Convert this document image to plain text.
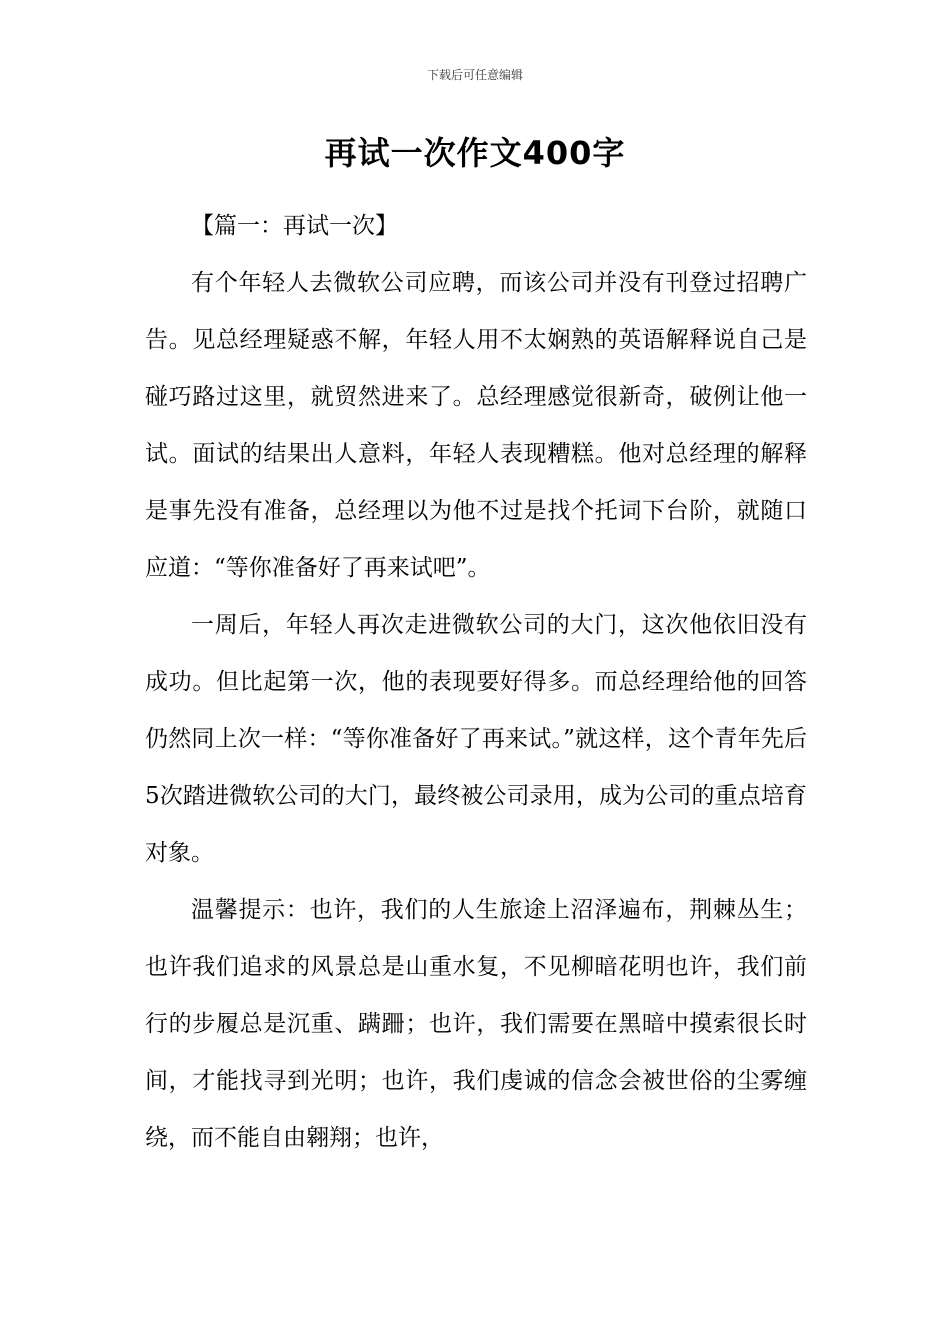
下载后可任意编辑
再试一次作文400字

【篇一：再试一次】

有个年轻人去微软公司应聘，而该公司并没有刊登过招聘广告。见总经理疑惑不解，年轻人用不太娴熟的英语解释说自己是碰巧路过这里，就贸然进来了。总经理感觉很新奇，破例让他一试。面试的结果出人意料，年轻人表现糟糕。他对总经理的解释是事先没有准备，总经理以为他不过是找个托词下台阶，就随口应道：“等你准备好了再来试吧”。

一周后，年轻人再次走进微软公司的大门，这次他依旧没有成功。但比起第一次，他的表现要好得多。而总经理给他的回答仍然同上次一样：“等你准备好了再来试。”就这样，这个青年先后5次踏进微软公司的大门，最终被公司录用，成为公司的重点培育对象。

温馨提示：也许，我们的人生旅途上沼泽遍布，荆棘丛生；也许我们追求的风景总是山重水复，不见柳暗花明也许，我们前行的步履总是沉重、蹒跚；也许，我们需要在黑暗中摸索很长时间，才能找寻到光明；也许，我们虔诚的信念会被世俗的尘雾缠绕，而不能自由翱翔；也许，
